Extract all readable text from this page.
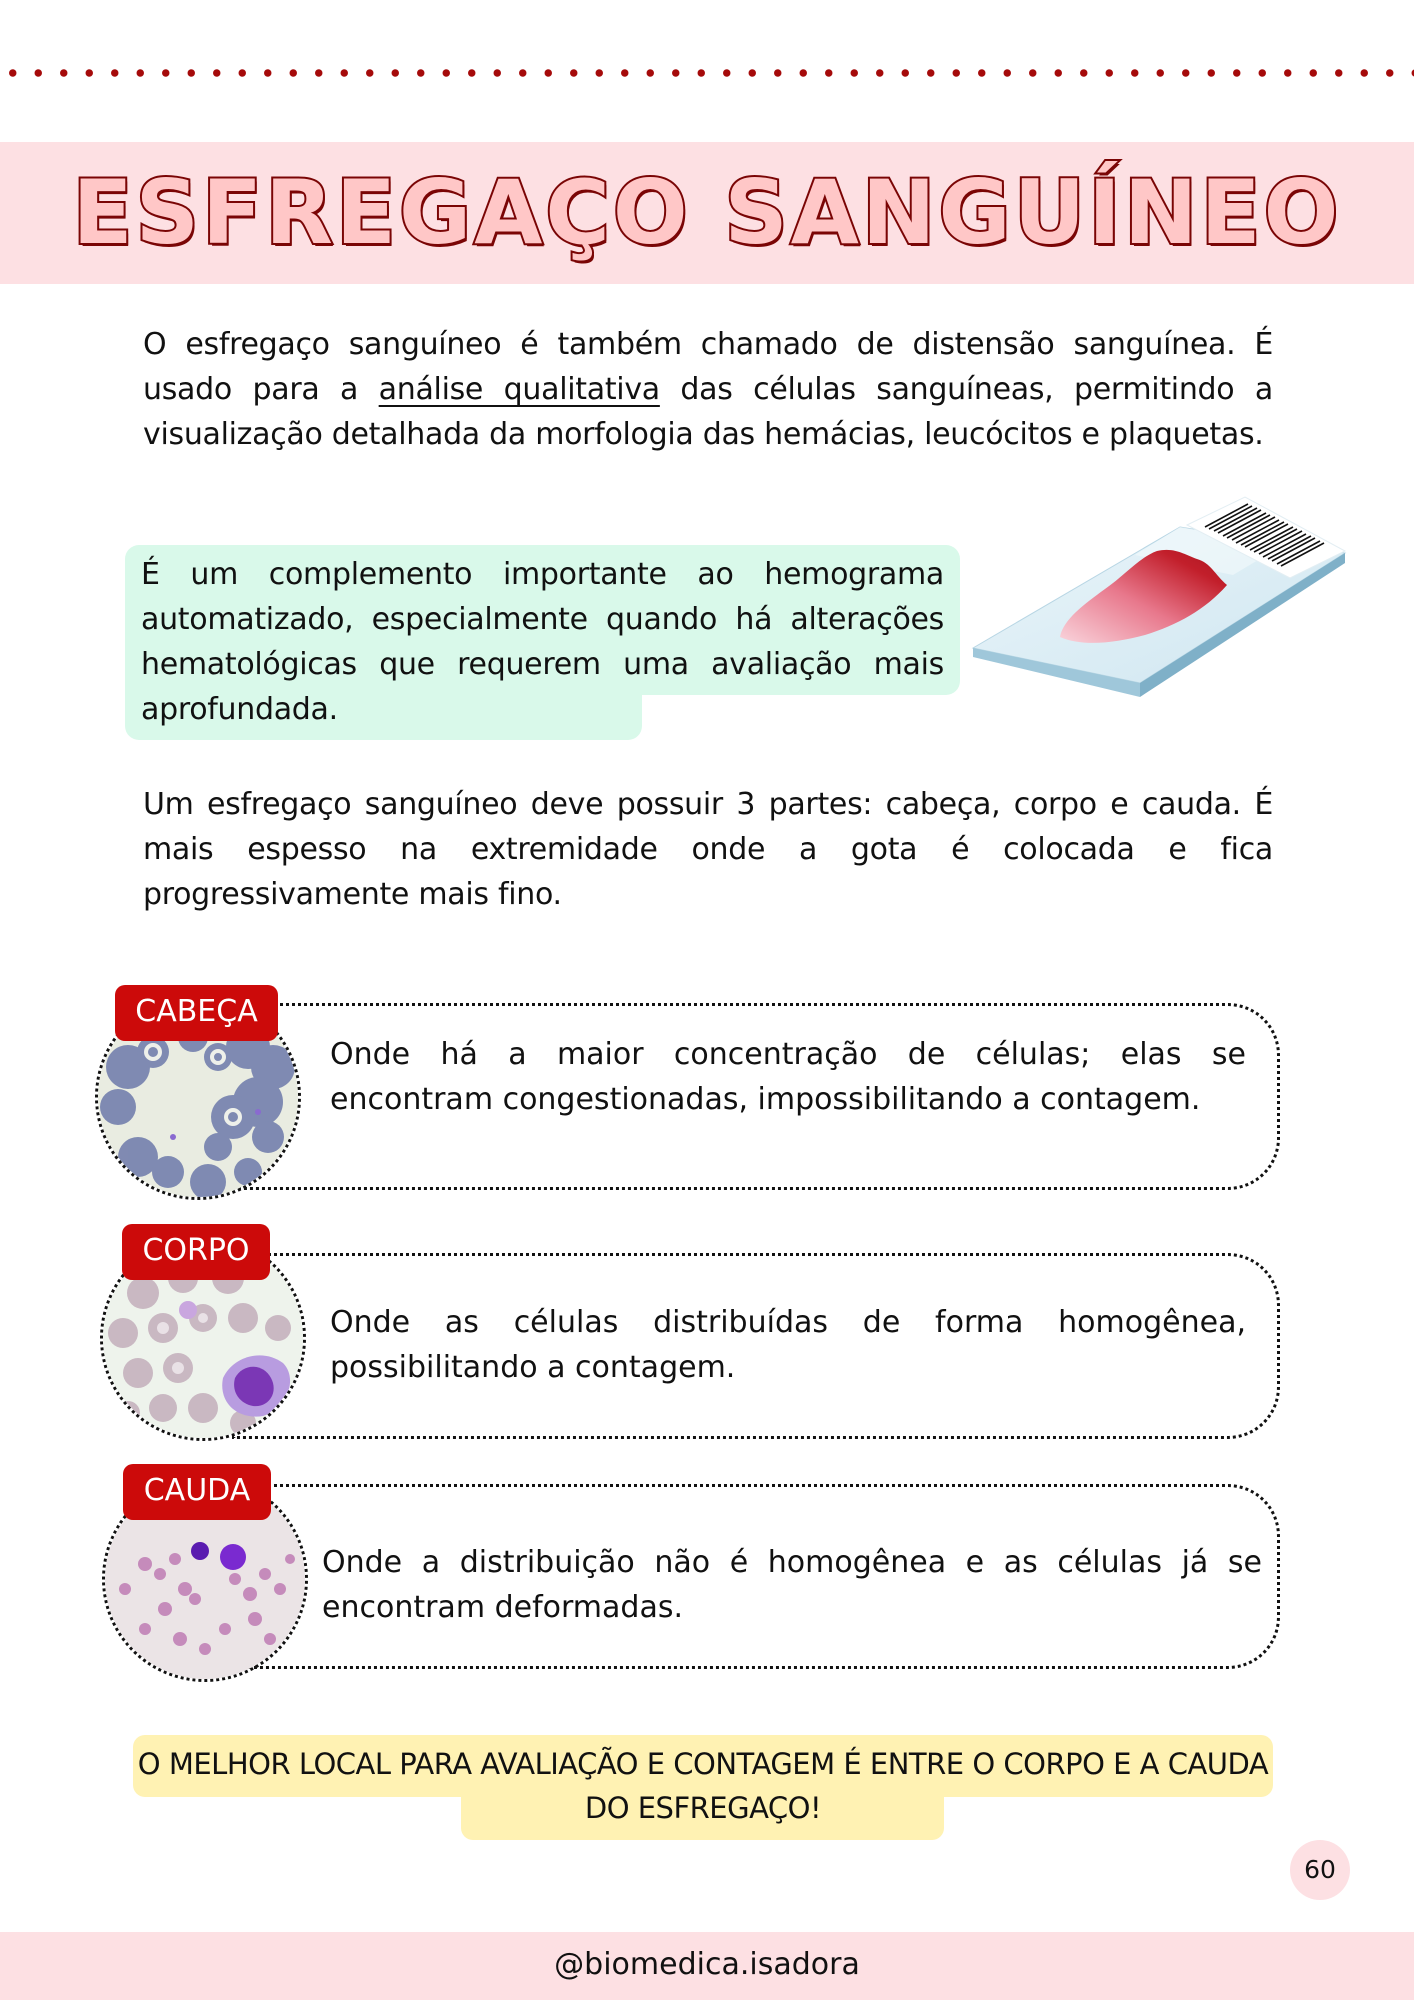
ESFREGAÇO SANGUÍNEO

O esfregaço sanguíneo é também chamado de distensão sanguínea. É usado para a análise qualitativa das células sanguíneas, permitindo a visualização detalhada da morfologia das hemácias, leucócitos e plaquetas.

É um complemento importante ao hemograma automatizado, especialmente quando há alterações hematológicas que requerem uma avaliação mais aprofundada.

Um esfregaço sanguíneo deve possuir 3 partes: cabeça, corpo e cauda. É mais espesso na extremidade onde a gota é colocada e fica progressivamente mais fino.

Onde há a maior concentração de células; elas se encontram congestionadas, impossibilitando a contagem.

CABEÇA

Onde as células distribuídas de forma homogênea, possibilitando a contagem.

CORPO

Onde a distribuição não é homogênea e as células já se encontram deformadas.

CAUDA

O MELHOR LOCAL PARA AVALIAÇÃO E CONTAGEM É ENTRE O CORPO E A CAUDA DO ESFREGAÇO!

60
@biomedica.isadora
